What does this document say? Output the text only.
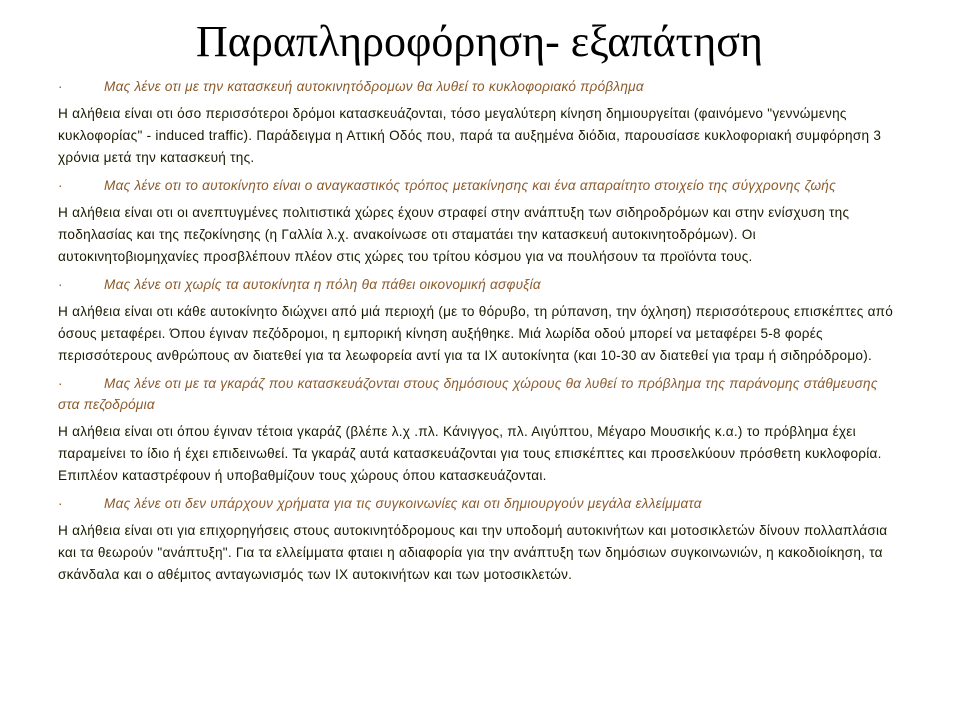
Παραπληροφόρηση- εξαπάτηση

·	Μας λένε οτι με την κατασκευή αυτοκινητόδρομων θα λυθεί το κυκλοφοριακό πρόβλημα

Η αλήθεια είναι οτι όσο περισσότεροι δρόμοι κατασκευάζονται, τόσο μεγαλύτερη κίνηση δημιουργείται (φαινόμενο "γεννώμενης κυκλοφορίας" - induced traffic). Παράδειγμα η Αττική Οδός που, παρά τα αυξημένα διόδια, παρουσίασε κυκλοφοριακή συμφόρηση 3 χρόνια μετά την κατασκευή της.

·	Μας λένε οτι το αυτοκίνητο είναι ο αναγκαστικός τρόπος μετακίνησης και ένα απαραίτητο στοιχείο της σύγχρονης ζωής

Η αλήθεια είναι οτι οι ανεπτυγμένες πολιτιστικά χώρες έχουν στραφεί στην ανάπτυξη των σιδηροδρόμων και στην ενίσχυση της ποδηλασίας και της πεζοκίνησης (η Γαλλία λ.χ. ανακοίνωσε οτι σταματάει την κατασκευή αυτοκινητοδρόμων). Οι αυτοκινητοβιομηχανίες προσβλέπουν πλέον στις χώρες του τρίτου κόσμου για να πουλήσουν τα προϊόντα τους.

·	Μας λένε οτι χωρίς τα αυτοκίνητα η πόλη θα πάθει οικονομική ασφυξία

Η αλήθεια είναι οτι κάθε αυτοκίνητο διώχνει από μιά περιοχή (με το θόρυβο, τη ρύπανση, την όχληση) περισσότερους επισκέπτες από όσους μεταφέρει. Όπου έγιναν πεζόδρομοι, η εμπορική κίνηση αυξήθηκε. Μιά λωρίδα οδού μπορεί να μεταφέρει 5-8 φορές περισσότερους ανθρώπους αν διατεθεί για τα λεωφορεία αντί για τα ΙΧ αυτοκίνητα (και 10-30 αν διατεθεί για τραμ ή σιδηρόδρομο).

·	Μας λένε οτι με τα γκαράζ που κατασκευάζονται στους δημόσιους χώρους θα λυθεί το πρόβλημα της παράνομης στάθμευσης στα πεζοδρόμια

Η αλήθεια είναι οτι όπου έγιναν τέτοια γκαράζ (βλέπε λ.χ .πλ. Κάνιγγος, πλ. Αιγύπτου, Μέγαρο Μουσικής κ.α.) το πρόβλημα έχει παραμείνει το ίδιο ή έχει επιδεινωθεί. Τα γκαράζ αυτά κατασκευάζονται για τους επισκέπτες και προσελκύουν πρόσθετη κυκλοφορία. Επιπλέον καταστρέφουν ή υποβαθμίζουν τους χώρους όπου κατασκευάζονται.

·	Μας λένε οτι δεν υπάρχουν χρήματα για τις συγκοινωνίες και οτι δημιουργούν μεγάλα ελλείμματα

Η αλήθεια είναι οτι για επιχορηγήσεις στους αυτοκινητόδρομους και την υποδομή αυτοκινήτων και μοτοσικλετών δίνουν πολλαπλάσια και τα θεωρούν "ανάπτυξη". Για τα ελλείμματα φταιει η αδιαφορία για την ανάπτυξη των δημόσιων συγκοινωνιών, η κακοδιοίκηση, τα σκάνδαλα και ο αθέμιτος ανταγωνισμός των ΙΧ αυτοκινήτων και των μοτοσικλετών.
